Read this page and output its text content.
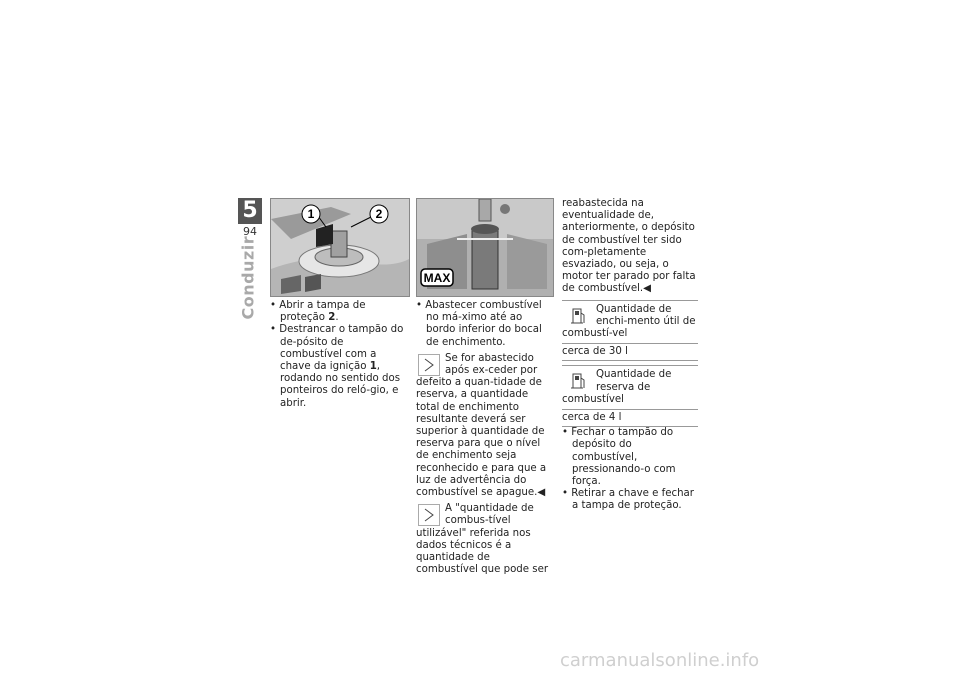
5
94
Conduzir
1	2
MAX

• Abrir a tampa de proteção 2.

• Destrancar o tampão do de-pósito de combustível com a chave da ignição 1, rodando no sentido dos ponteiros do reló-gio, e abrir.

• Abastecer combustível no má-ximo até ao bordo inferior do bocal de enchimento.

Se for abastecido após ex-ceder por defeito a quan-tidade de reserva, a quantidade total de enchimento resultante deverá ser superior à quantidade de reserva para que o nível de enchimento seja reconhecido e para que a luz de advertência do combustível se apague.◀

A "quantidade de combus-tível utilizável" referida nos dados técnicos é a quantidade de combustível que pode ser

reabastecida na eventualidade de, anteriormente, o depósito de combustível ter sido com-pletamente esvaziado, ou seja, o motor ter parado por falta de combustível.◀

Quantidade de enchi-mento útil de combustí-vel
cerca de 30 l
Quantidade de reserva de combustível
cerca de 4 l

• Fechar o tampão do depósito do combustível, pressionando-o com força.

• Retirar a chave e fechar a tampa de proteção.

carmanualsonline.info
